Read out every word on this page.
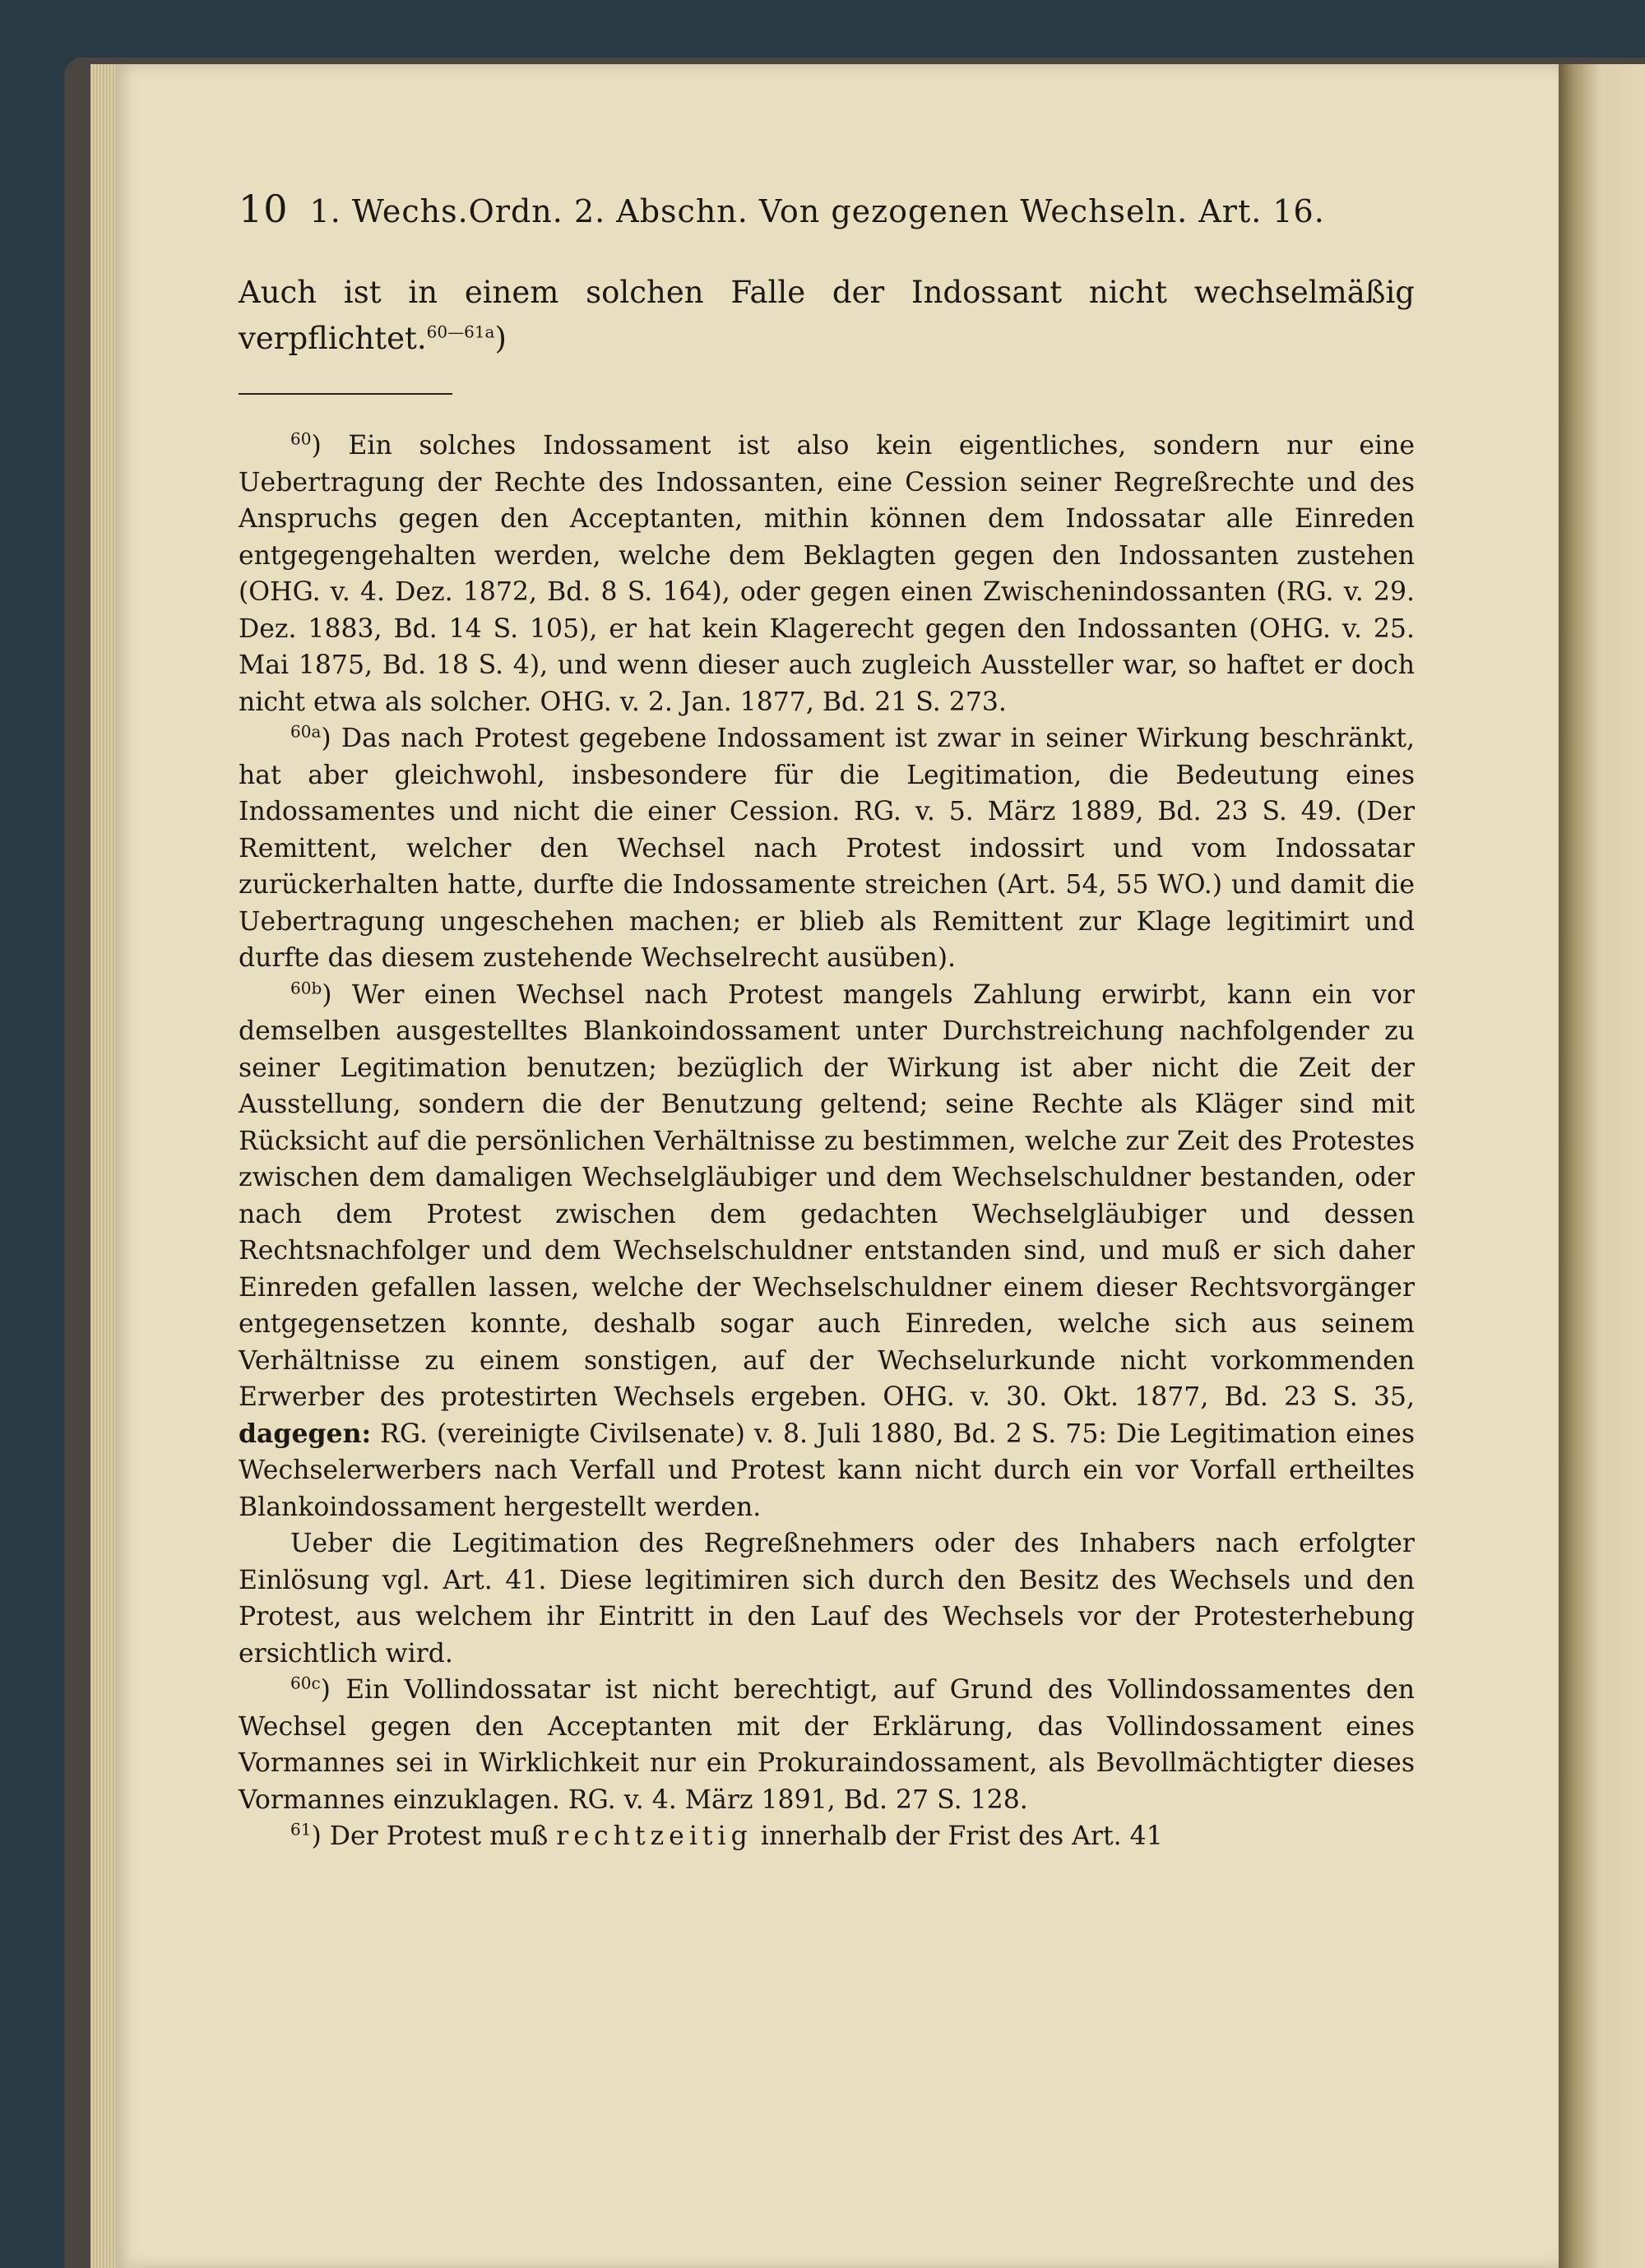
10 1. Wechs.Ordn. 2. Abschn. Von gezogenen Wechseln. Art. 16.
Auch ist in einem solchen Falle der Indossant nicht wechselmäßig verpflichtet.$^{60—61a}$)

$^{60}$) Ein solches Indossament ist also kein eigentliches, sondern nur eine Uebertragung der Rechte des Indossanten, eine Cession seiner Regreßrechte und des Anspruchs gegen den Acceptanten, mithin können dem Indossatar alle Einreden entgegengehalten werden, welche dem Beklagten gegen den Indossanten zustehen (OHG. v. 4. Dez. 1872, Bd. 8 S. 164), oder gegen einen Zwischenindossanten (RG. v. 29. Dez. 1883, Bd. 14 S. 105), er hat kein Klagerecht gegen den Indossanten (OHG. v. 25. Mai 1875, Bd. 18 S. 4), und wenn dieser auch zugleich Aussteller war, so haftet er doch nicht etwa als solcher. OHG. v. 2. Jan. 1877, Bd. 21 S. 273.

$^{60a}$) Das nach Protest gegebene Indossament ist zwar in seiner Wirkung beschränkt, hat aber gleichwohl, insbesondere für die Legitimation, die Bedeutung eines Indossamentes und nicht die einer Cession. RG. v. 5. März 1889, Bd. 23 S. 49. (Der Remittent, welcher den Wechsel nach Protest indossirt und vom Indossatar zurückerhalten hatte, durfte die Indossamente streichen (Art. 54, 55 WO.) und damit die Uebertragung ungeschehen machen; er blieb als Remittent zur Klage legitimirt und durfte das diesem zustehende Wechselrecht ausüben).

$^{60b}$) Wer einen Wechsel nach Protest mangels Zahlung erwirbt, kann ein vor demselben ausgestelltes Blankoindossament unter Durchstreichung nachfolgender zu seiner Legitimation benutzen; bezüglich der Wirkung ist aber nicht die Zeit der Ausstellung, sondern die der Benutzung geltend; seine Rechte als Kläger sind mit Rücksicht auf die persönlichen Verhältnisse zu bestimmen, welche zur Zeit des Protestes zwischen dem damaligen Wechselgläubiger und dem Wechselschuldner bestanden, oder nach dem Protest zwischen dem gedachten Wechselgläubiger und dessen Rechtsnachfolger und dem Wechselschuldner entstanden sind, und muß er sich daher Einreden gefallen lassen, welche der Wechselschuldner einem dieser Rechtsvorgänger entgegensetzen konnte, deshalb sogar auch Einreden, welche sich aus seinem Verhältnisse zu einem sonstigen, auf der Wechselurkunde nicht vorkommenden Erwerber des protestirten Wechsels ergeben. OHG. v. 30. Okt. 1877, Bd. 23 S. 35, dagegen: RG. (vereinigte Civilsenate) v. 8. Juli 1880, Bd. 2 S. 75: Die Legitimation eines Wechselerwerbers nach Verfall und Protest kann nicht durch ein vor Vorfall ertheiltes Blankoindossament hergestellt werden.

Ueber die Legitimation des Regreßnehmers oder des Inhabers nach erfolgter Einlösung vgl. Art. 41. Diese legitimiren sich durch den Besitz des Wechsels und den Protest, aus welchem ihr Eintritt in den Lauf des Wechsels vor der Protesterhebung ersichtlich wird.

$^{60c}$) Ein Vollindossatar ist nicht berechtigt, auf Grund des Vollindossamentes den Wechsel gegen den Acceptanten mit der Erklärung, das Vollindossament eines Vormannes sei in Wirklichkeit nur ein Prokuraindossament, als Bevollmächtigter dieses Vormannes einzuklagen. RG. v. 4. März 1891, Bd. 27 S. 128.

$^{61}$) Der Protest muß rechtzeitig innerhalb der Frist des Art. 41
